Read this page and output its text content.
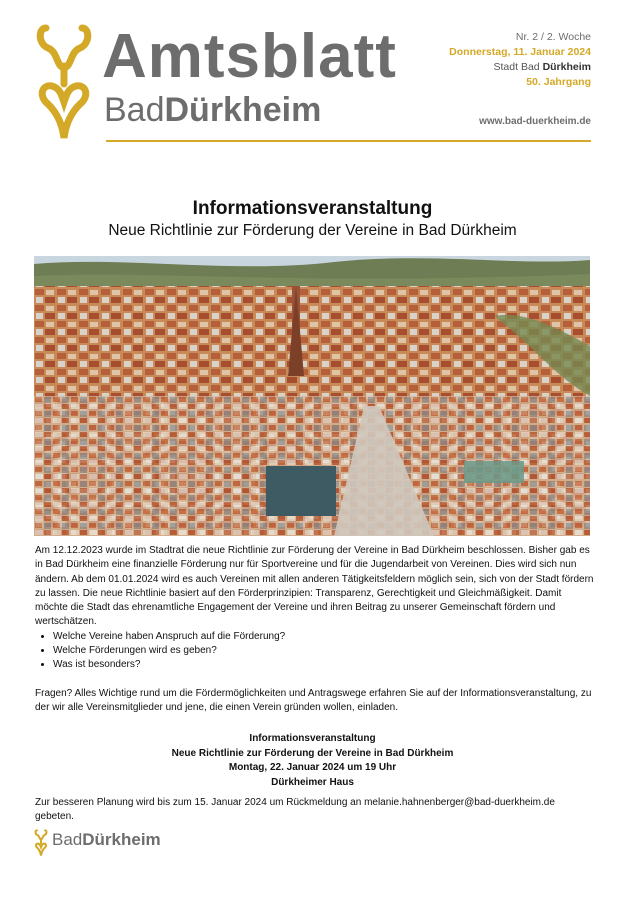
Amtsblatt
BadDürkheim
Nr. 2 / 2. Woche
Donnerstag, 11. Januar 2024
Stadt Bad Dürkheim
50. Jahrgang
www.bad-duerkheim.de
Informationsveranstaltung
Neue Richtlinie zur Förderung der Vereine in Bad Dürkheim

Am 12.12.2023 wurde im Stadtrat die neue Richtlinie zur Förderung der Vereine in Bad Dürkheim beschlossen. Bisher gab es in Bad Dürkheim eine finanzielle Förderung nur für Sportvereine und für die Jugendarbeit von Vereinen. Dies wird sich nun ändern. Ab dem 01.01.2024 wird es auch Vereinen mit allen anderen Tätigkeitsfeldern möglich sein, sich von der Stadt fördern zu lassen. Die neue Richtlinie basiert auf den Förderprinzipien: Transparenz, Gerechtigkeit und Gleichmäßigkeit. Damit möchte die Stadt das ehrenamtliche Engagement der Vereine und ihren Beitrag zu unserer Gemeinschaft fördern und wertschätzen.

• Welche Vereine haben Anspruch auf die Förderung?
• Welche Förderungen wird es geben?
• Was ist besonders?

Fragen? Alles Wichtige rund um die Fördermöglichkeiten und Antragswege erfahren Sie auf der Informationsveranstaltung, zu der wir alle Vereinsmitglieder und jene, die einen Verein gründen wollen, einladen.

Informationsveranstaltung
Neue Richtlinie zur Förderung der Vereine in Bad Dürkheim
Montag, 22. Januar 2024 um 19 Uhr
Dürkheimer Haus
Zur besseren Planung wird bis zum 15. Januar 2024 um Rückmeldung an melanie.hahnenberger@bad-duerkheim.de gebeten.
BadDürkheim
